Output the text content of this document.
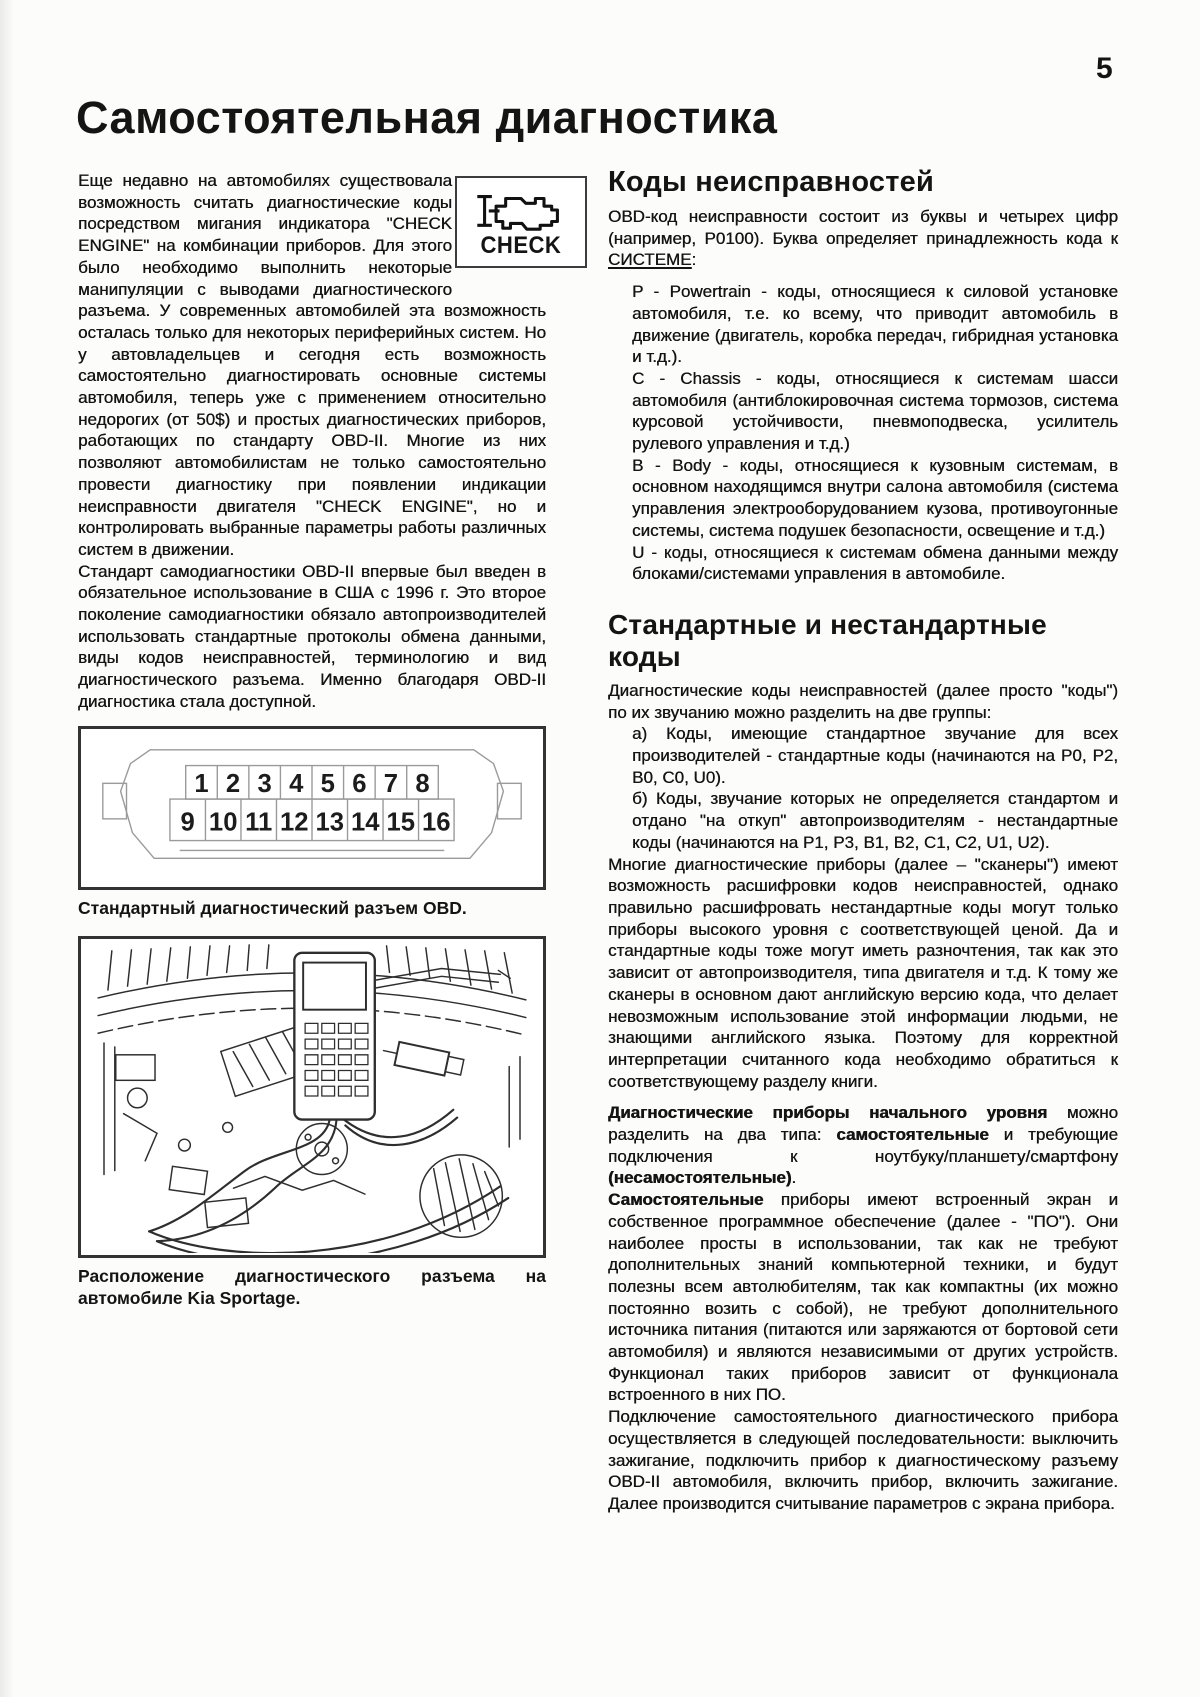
5
Самостоятельная диагностика
CHECK

Еще недавно на автомобилях существовала возможность считать диагностические коды посредством мигания индикатора "CHECK ENGINE" на комбинации приборов. Для этого было необходимо выполнить некоторые манипуляции с выводами диагностического разъема. У современных автомобилей эта возможность осталась только для некоторых периферийных систем. Но у автовладельцев и сегодня есть возможность самостоятельно диагностировать основные системы автомобиля, теперь уже с применением относительно недорогих (от 50$) и простых диагностических приборов, работающих по стандарту OBD-II. Многие из них позволяют автомобилистам не только самостоятельно провести диагностику при появлении индикации неисправности двигателя "CHECK ENGINE", но и контролировать выбранные параметры работы различных систем в движении.

Стандарт самодиагностики OBD-II впервые был введен в обязательное использование в США с 1996 г. Это второе поколение самодиагностики обязало автопроизводителей использовать стандартные протоколы обмена данными, виды кодов неисправностей, терминологию и вид диагностического разъема. Именно благодаря OBD-II диагностика стала доступной.

1 2 3 4 5 6 7 8
9 10 11 12 13 14 15 16

Стандартный диагностический разъем OBD.

Расположение диагностического разъема на автомобиле Kia Sportage.

Коды неисправностей

OBD-код неисправности состоит из буквы и четырех цифр (например, P0100). Буква определяет принадлежность кода к СИСТЕМЕ:

P - Powertrain - коды, относящиеся к силовой установке автомобиля, т.е. ко всему, что приводит автомобиль в движение (двигатель, коробка передач, гибридная установка и т.д.).

C - Chassis - коды, относящиеся к системам шасси автомобиля (антиблокировочная система тормозов, система курсовой устойчивости, пневмоподвеска, усилитель рулевого управления и т.д.)

B - Body - коды, относящиеся к кузовным системам, в основном находящимся внутри салона автомобиля (система управления электрооборудованием кузова, противоугонные системы, система подушек безопасности, освещение и т.д.)

U - коды, относящиеся к системам обмена данными между блоками/системами управления в автомобиле.

Стандартные и нестандартные коды

Диагностические коды неисправностей (далее просто "коды") по их звучанию можно разделить на две группы:

а) Коды, имеющие стандартное звучание для всех производителей - стандартные коды (начинаются на P0, P2, B0, C0, U0).

б) Коды, звучание которых не определяется стандартом и отдано "на откуп" автопроизводителям - нестандартные коды (начинаются на P1, P3, B1, B2, C1, C2, U1, U2).

Многие диагностические приборы (далее – "сканеры") имеют возможность расшифровки кодов неисправностей, однако правильно расшифровать нестандартные коды могут только приборы высокого уровня с соответствующей ценой. Да и стандартные коды тоже могут иметь разночтения, так как это зависит от автопроизводителя, типа двигателя и т.д. К тому же сканеры в основном дают английскую версию кода, что делает невозможным использование этой информации людьми, не знающими английского языка. Поэтому для корректной интерпретации считанного кода необходимо обратиться к соответствующему разделу книги.

Диагностические приборы начального уровня можно разделить на два типа: самостоятельные и требующие подключения к ноутбуку/планшету/смартфону (несамостоятельные).

Самостоятельные приборы имеют встроенный экран и собственное программное обеспечение (далее - "ПО"). Они наиболее просты в использовании, так как не требуют дополнительных знаний компьютерной техники, и будут полезны всем автолюбителям, так как компактны (их можно постоянно возить с собой), не требуют дополнительного источника питания (питаются или заряжаются от бортовой сети автомобиля) и являются независимыми от других устройств. Функционал таких приборов зависит от функционала встроенного в них ПО.

Подключение самостоятельного диагностического прибора осуществляется в следующей последовательности: выключить зажигание, подключить прибор к диагностическому разъему OBD-II автомобиля, включить прибор, включить зажигание. Далее производится считывание параметров с экрана прибора.
